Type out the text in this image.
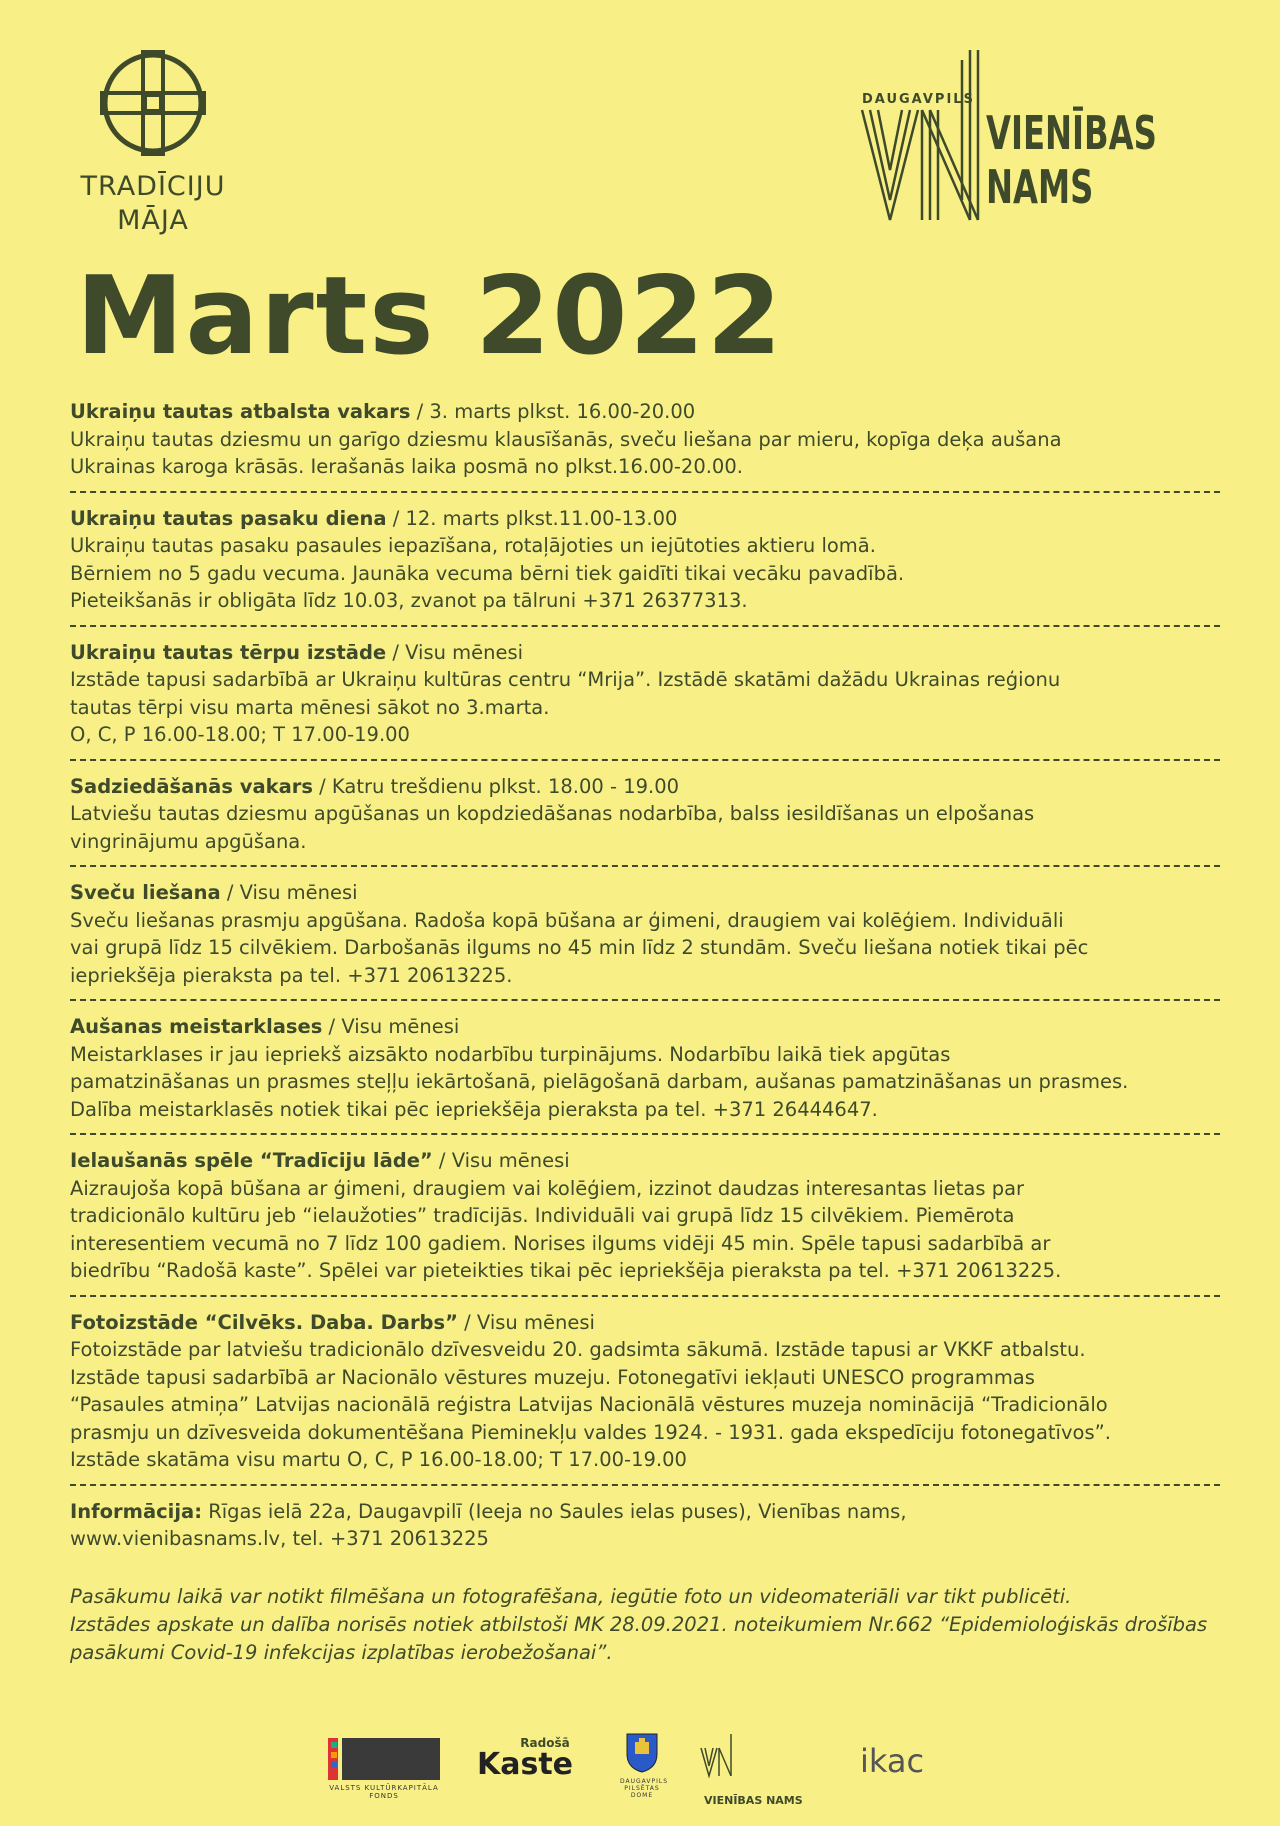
TRADĪCIJU
MĀJA
DAUGAVPILS
VIENĪBAS NAMS
Marts 2022

Ukraiņu tautas atbalsta vakars / 3. marts plkst. 16.00-20.00

Ukraiņu tautas dziesmu un garīgo dziesmu klausīšanās, sveču liešana par mieru, kopīga deķa aušana

Ukrainas karoga krāsās. Ierašanās laika posmā no plkst.16.00-20.00.

Ukraiņu tautas pasaku diena / 12. marts plkst.11.00-13.00

Ukraiņu tautas pasaku pasaules iepazīšana, rotaļājoties un iejūtoties aktieru lomā.

Bērniem no 5 gadu vecuma. Jaunāka vecuma bērni tiek gaidīti tikai vecāku pavadībā.

Pieteikšanās ir obligāta līdz 10.03, zvanot pa tālruni +371 26377313.

Ukraiņu tautas tērpu izstāde / Visu mēnesi

Izstāde tapusi sadarbībā ar Ukraiņu kultūras centru “Mrija”. Izstādē skatāmi dažādu Ukrainas reģionu

tautas tērpi visu marta mēnesi sākot no 3.marta.

O, C, P 16.00-18.00; T 17.00-19.00

Sadziedāšanās vakars / Katru trešdienu plkst. 18.00 - 19.00

Latviešu tautas dziesmu apgūšanas un kopdziedāšanas nodarbība, balss iesildīšanas un elpošanas

vingrinājumu apgūšana.

Sveču liešana / Visu mēnesi

Sveču liešanas prasmju apgūšana. Radoša kopā būšana ar ģimeni, draugiem vai kolēģiem. Individuāli

vai grupā līdz 15 cilvēkiem. Darbošanās ilgums no 45 min līdz 2 stundām. Sveču liešana notiek tikai pēc

iepriekšēja pieraksta pa tel. +371 20613225.

Aušanas meistarklases / Visu mēnesi

Meistarklases ir jau iepriekš aizsākto nodarbību turpinājums. Nodarbību laikā tiek apgūtas

pamatzināšanas un prasmes steļļu iekārtošanā, pielāgošanā darbam, aušanas pamatzināšanas un prasmes.

Dalība meistarklasēs notiek tikai pēc iepriekšēja pieraksta pa tel. +371 26444647.

Ielaušanās spēle “Tradīciju lāde” / Visu mēnesi

Aizraujoša kopā būšana ar ģimeni, draugiem vai kolēģiem, izzinot daudzas interesantas lietas par

tradicionālo kultūru jeb “ielaužoties” tradīcijās. Individuāli vai grupā līdz 15 cilvēkiem. Piemērota

interesentiem vecumā no 7 līdz 100 gadiem. Norises ilgums vidēji 45 min. Spēle tapusi sadarbībā ar

biedrību “Radošā kaste”. Spēlei var pieteikties tikai pēc iepriekšēja pieraksta pa tel. +371 20613225.

Fotoizstāde “Cilvēks. Daba. Darbs” / Visu mēnesi

Fotoizstāde par latviešu tradicionālo dzīvesveidu 20. gadsimta sākumā. Izstāde tapusi ar VKKF atbalstu.

Izstāde tapusi sadarbībā ar Nacionālo vēstures muzeju. Fotonegatīvi iekļauti UNESCO programmas

“Pasaules atmiņa” Latvijas nacionālā reģistra Latvijas Nacionālā vēstures muzeja nominācijā “Tradicionālo

prasmju un dzīvesveida dokumentēšana Pieminekļu valdes 1924. - 1931. gada ekspedīciju fotonegatīvos”.

Izstāde skatāma visu martu O, C, P 16.00-18.00; T 17.00-19.00

Informācija: Rīgas ielā 22a, Daugavpilī (Ieeja no Saules ielas puses), Vienības nams,
www.vienibasnams.lv, tel. +371 20613225

Pasākumu laikā var notikt filmēšana un fotografēšana, iegūtie foto un videomateriāli var tikt publicēti.

Izstādes apskate un dalība norisēs notiek atbilstoši MK 28.09.2021. noteikumiem Nr.662 “Epidemioloģiskās drošības

pasākumi Covid-19 infekcijas izplatības ierobežošanai”.

VALSTS KULTŪRKAPITĀLA FONDS
Radošā
Kaste	DAUGAVPILS PILSĒTAS DOME	VIENĪBAS NAMS
ikac
